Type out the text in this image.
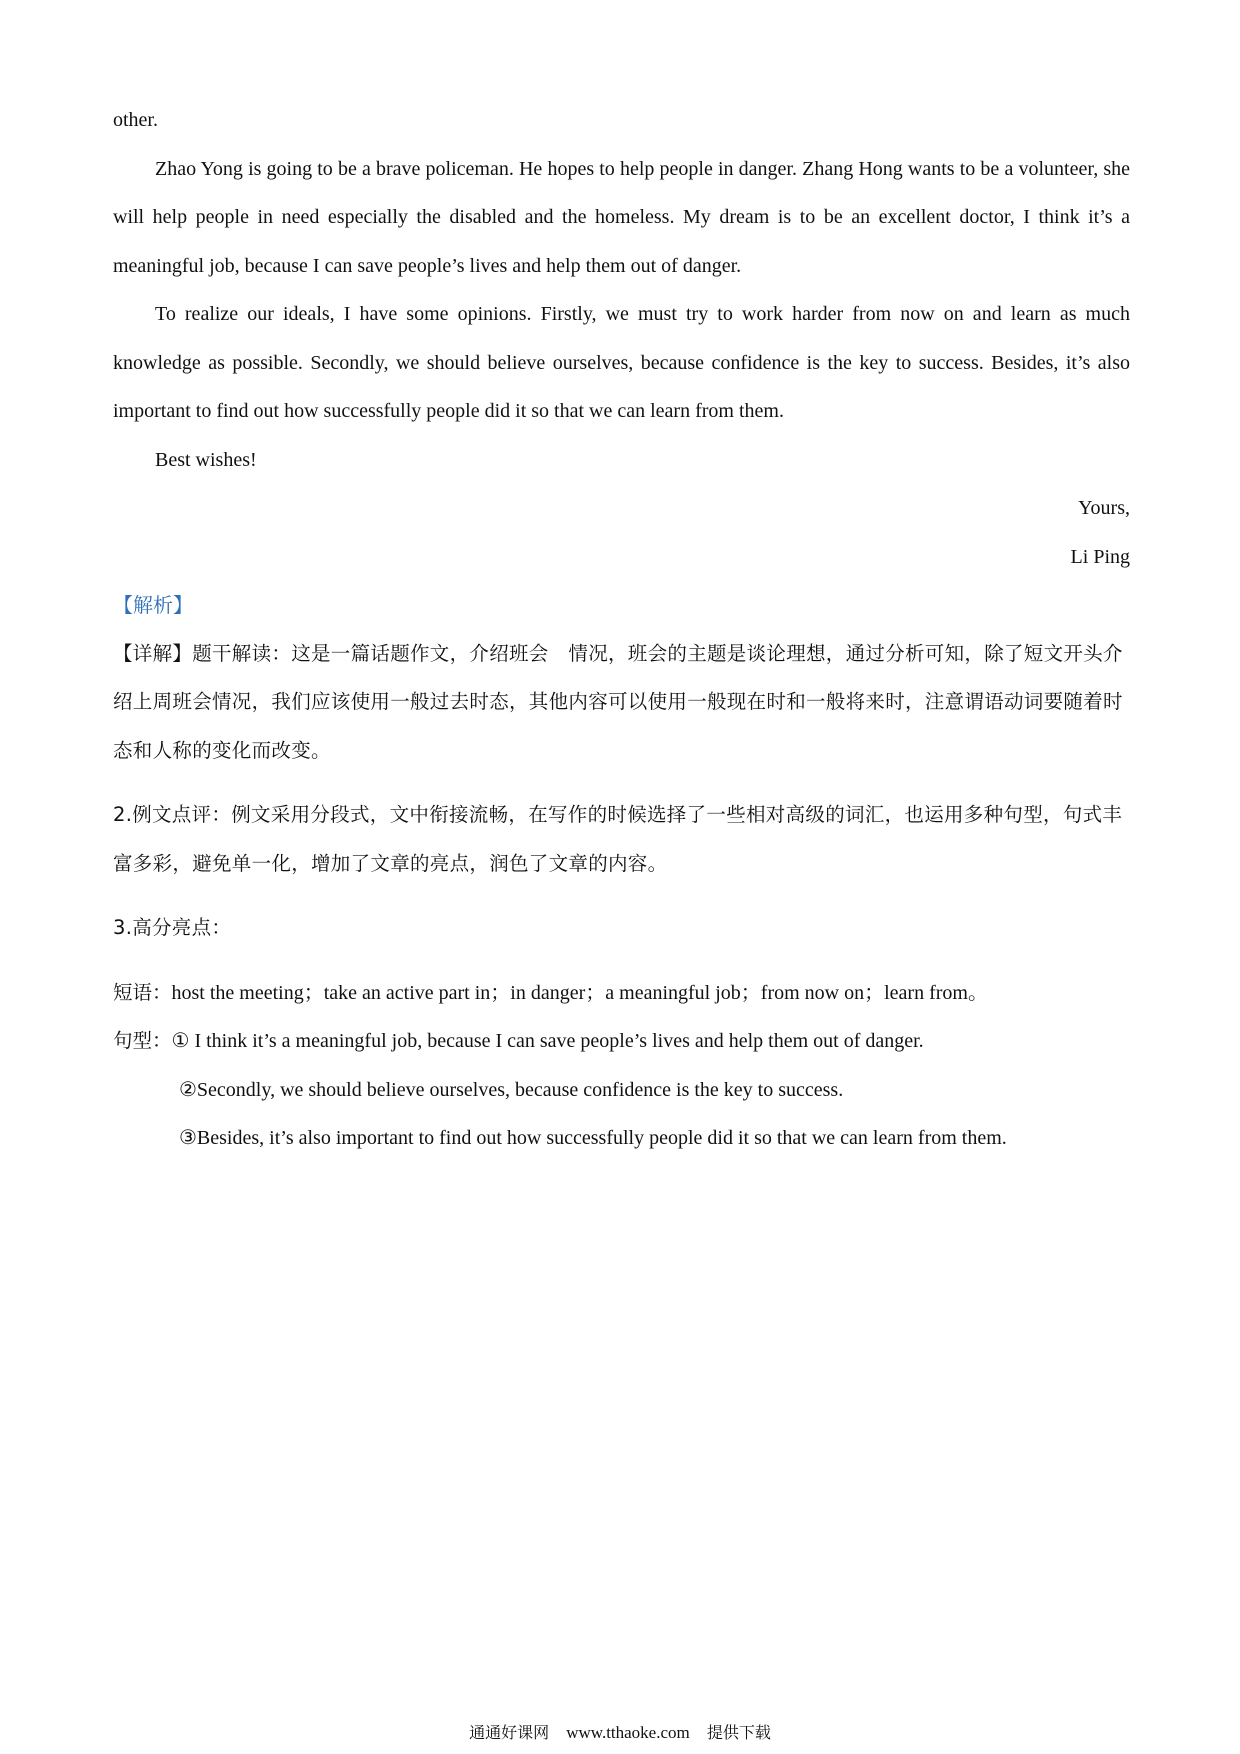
other.

Zhao Yong is going to be a brave policeman. He hopes to help people in danger. Zhang Hong wants to be a volunteer, she will help people in need especially the disabled and the homeless. My dream is to be an excellent doctor, I think it’s a meaningful job, because I can save people’s lives and help them out of danger.

To realize our ideals, I have some opinions. Firstly, we must try to work harder from now on and learn as much knowledge as possible. Secondly, we should believe ourselves, because confidence is the key to success. Besides, it’s also important to find out how successfully people did it so that we can learn from them.

Best wishes!

Yours,

Li Ping

【解析】

【详解】题干解读：这是一篇话题作文，介绍班会　情况，班会的主题是谈论理想，通过分析可知，除了短文开头介绍上周班会情况，我们应该使用一般过去时态，其他内容可以使用一般现在时和一般将来时，注意谓语动词要随着时态和人称的变化而改变。

2.例文点评：例文采用分段式，文中衔接流畅，在写作的时候选择了一些相对高级的词汇，也运用多种句型，句式丰富多彩，避免单一化，增加了文章的亮点，润色了文章的内容。

3.高分亮点：

短语：host the meeting；take an active part in；in danger；a meaningful job；from now on；learn from。

句型：① I think it’s a meaningful job, because I can save people’s lives and help them out of danger.

②Secondly, we should believe ourselves, because confidence is the key to success.

③Besides, it’s also important to find out how successfully people did it so that we can learn from them.

通通好课网 www.tthaoke.com 提供下载
